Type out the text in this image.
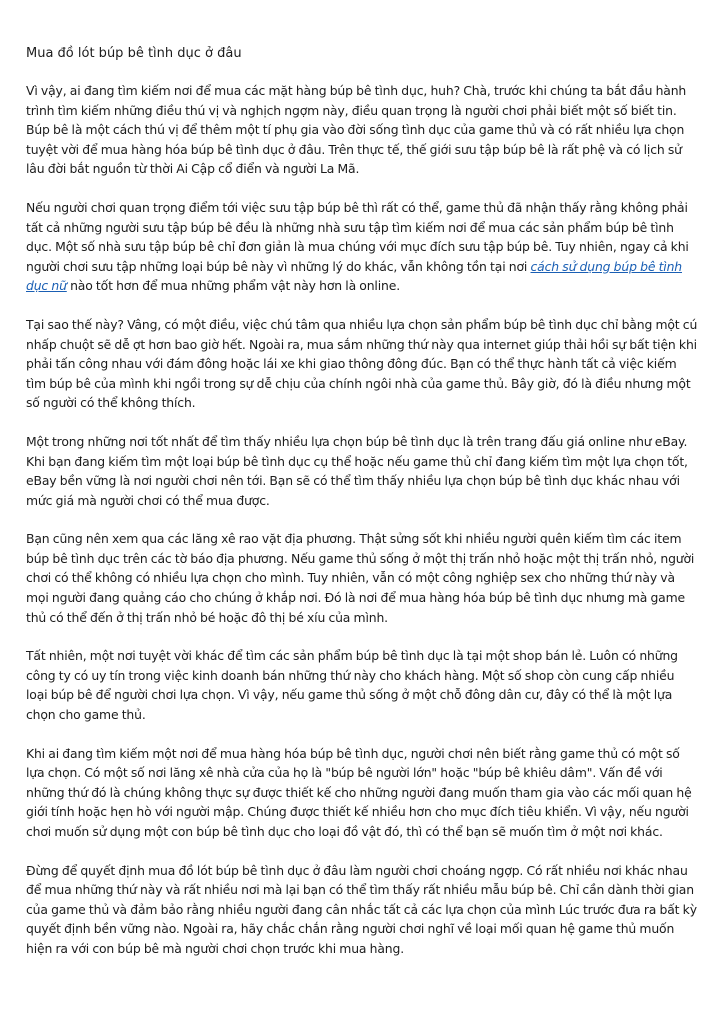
Mua đồ lót búp bê tình dục ở đâu

Vì vậy, ai đang tìm kiếm nơi để mua các mặt hàng búp bê tình dục, huh? Chà, trước khi chúng ta bắt đầu hành trình tìm kiếm những điều thú vị và nghịch ngợm này, điều quan trọng là người chơi phải biết một số biết tin. Búp bê là một cách thú vị để thêm một tí phụ gia vào đời sống tình dục của game thủ và có rất nhiều lựa chọn tuyệt vời để mua hàng hóa búp bê tình dục ở đâu. Trên thực tế, thế giới sưu tập búp bê là rất phệ và có lịch sử lâu đời bắt nguồn từ thời Ai Cập cổ điển và người La Mã.

Nếu người chơi quan trọng điểm tới việc sưu tập búp bê thì rất có thể, game thủ đã nhận thấy rằng không phải tất cả những người sưu tập búp bê đều là những nhà sưu tập tìm kiếm nơi để mua các sản phẩm búp bê tình dục. Một số nhà sưu tập búp bê chỉ đơn giản là mua chúng với mục đích sưu tập búp bê. Tuy nhiên, ngay cả khi người chơi sưu tập những loại búp bê này vì những lý do khác, vẫn không tồn tại nơi cách sử dụng búp bê tình dục nữ nào tốt hơn để mua những phẩm vật này hơn là online.

Tại sao thế này? Vâng, có một điều, việc chú tâm qua nhiều lựa chọn sản phẩm búp bê tình dục chỉ bằng một cú nhấp chuột sẽ dễ ợt hơn bao giờ hết. Ngoài ra, mua sắm những thứ này qua internet giúp thải hồi sự bất tiện khi phải tấn công nhau với đám đông hoặc lái xe khi giao thông đông đúc. Bạn có thể thực hành tất cả việc kiếm tìm búp bê của mình khi ngồi trong sự dễ chịu của chính ngôi nhà của game thủ. Bây giờ, đó là điều nhưng một số người có thể không thích.

Một trong những nơi tốt nhất để tìm thấy nhiều lựa chọn búp bê tình dục là trên trang đấu giá online như eBay. Khi bạn đang kiếm tìm một loại búp bê tình dục cụ thể hoặc nếu game thủ chỉ đang kiếm tìm một lựa chọn tốt, eBay bền vững là nơi người chơi nên tới. Bạn sẽ có thể tìm thấy nhiều lựa chọn búp bê tình dục khác nhau với mức giá mà người chơi có thể mua được.

Bạn cũng nên xem qua các lăng xê rao vặt địa phương. Thật sửng sốt khi nhiều người quên kiếm tìm các item búp bê tình dục trên các tờ báo địa phương. Nếu game thủ sống ở một thị trấn nhỏ hoặc một thị trấn nhỏ, người chơi có thể không có nhiều lựa chọn cho mình. Tuy nhiên, vẫn có một công nghiệp sex cho những thứ này và mọi người đang quảng cáo cho chúng ở khắp nơi. Đó là nơi để mua hàng hóa búp bê tình dục nhưng mà game thủ có thể đến ở thị trấn nhỏ bé hoặc đô thị bé xíu của mình.

Tất nhiên, một nơi tuyệt vời khác để tìm các sản phẩm búp bê tình dục là tại một shop bán lẻ. Luôn có những công ty có uy tín trong việc kinh doanh bán những thứ này cho khách hàng. Một số shop còn cung cấp nhiều loại búp bê để người chơi lựa chọn. Vì vậy, nếu game thủ sống ở một chỗ đông dân cư, đây có thể là một lựa chọn cho game thủ.

Khi ai đang tìm kiếm một nơi để mua hàng hóa búp bê tình dục, người chơi nên biết rằng game thủ có một số lựa chọn. Có một số nơi lăng xê nhà cửa của họ là "búp bê người lớn" hoặc "búp bê khiêu dâm". Vấn đề với những thứ đó là chúng không thực sự được thiết kế cho những người đang muốn tham gia vào các mối quan hệ giới tính hoặc hẹn hò với người mập. Chúng được thiết kế nhiều hơn cho mục đích tiêu khiển. Vì vậy, nếu người chơi muốn sử dụng một con búp bê tình dục cho loại đồ vật đó, thì có thể bạn sẽ muốn tìm ở một nơi khác.

Đừng để quyết định mua đồ lót búp bê tình dục ở đâu làm người chơi choáng ngợp. Có rất nhiều nơi khác nhau để mua những thứ này và rất nhiều nơi mà lại bạn có thể tìm thấy rất nhiều mẫu búp bê. Chỉ cần dành thời gian của game thủ và đảm bảo rằng nhiều người đang cân nhắc tất cả các lựa chọn của mình Lúc trước đưa ra bất kỳ quyết định bền vững nào. Ngoài ra, hãy chắc chắn rằng người chơi nghĩ về loại mối quan hệ game thủ muốn hiện ra với con búp bê mà người chơi chọn trước khi mua hàng.
